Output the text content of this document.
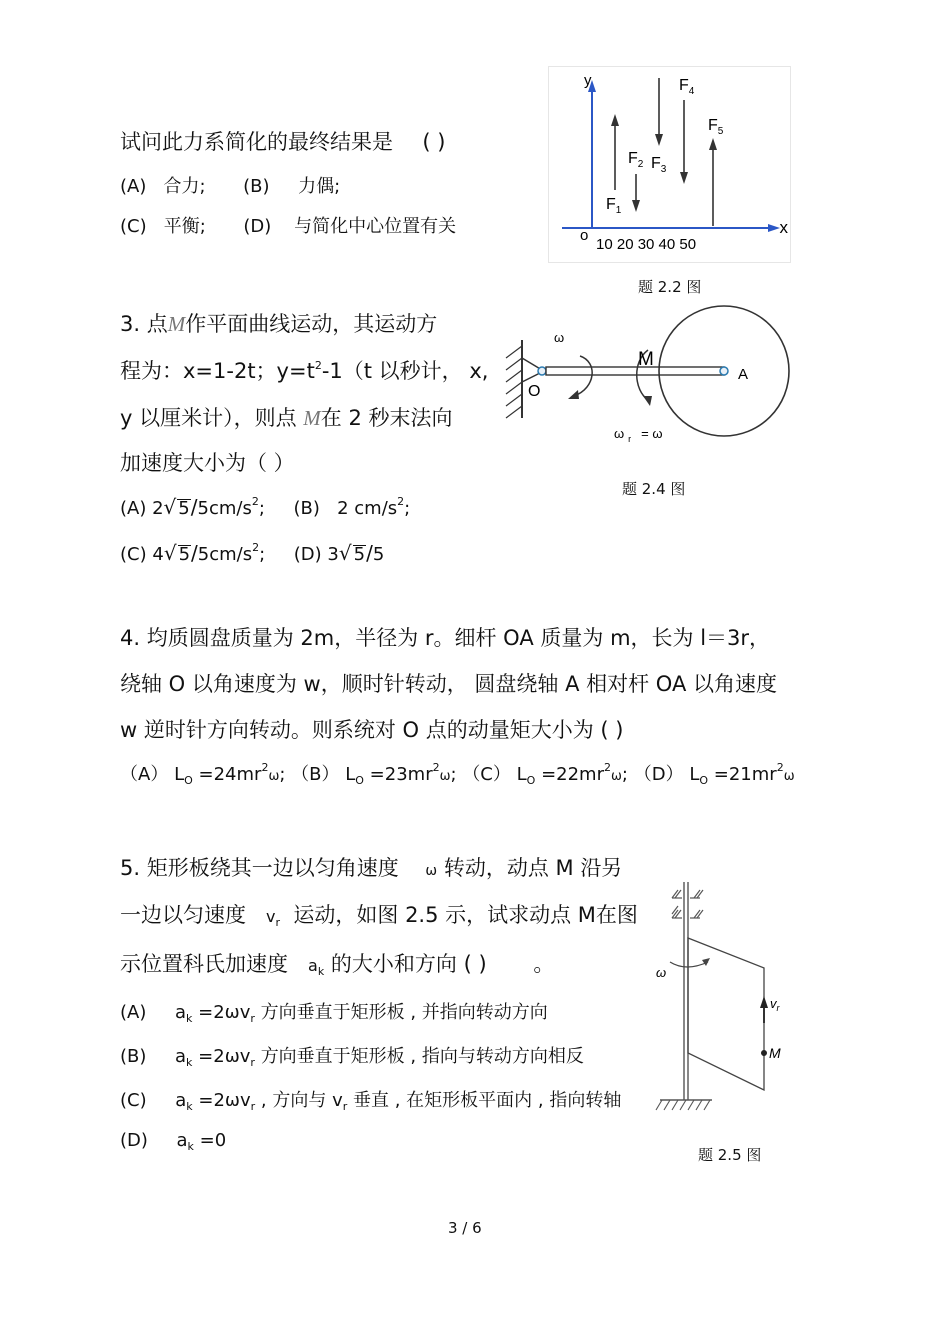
试问此力系简化的最终结果是 ( )
(A) 合力; (B) 力偶;
(C) 平衡; (D) 与简化中心位置有关
y
x
o
10 20 30 40 50
$F_1$
$F_2$ $F_3$
$F_4$
$F_5$
题 2.2 图
3. 点M作平面曲线运动，其运动方
程为：x=1-2t；$y=t^2-1(t$ 以秒计， x,
y 以厘米计），则点 M在 2 秒末法向
加速度大小为（ ）
(A) 2√ $5/5cm/s^2$; (B) 2 $cm/s^2$;
(C) 4√ $5/5cm/s^2$; (D) 3√ 5/5
ω
M
O
A
ω $_r$ = ω
题 2.4 图
4. 均质圆盘质量为 2m，半径为 r。细杆 OA 质量为 m，长为 l＝3r，
绕轴 O 以角速度为 w，顺时针转动， 圆盘绕轴 A 相对杆 OA 以角速度
w 逆时针方向转动。则系统对 O 点的动量矩大小为 ( )
（A） $L_O =24mr^2\omega$; （B） $L_O =23mr^2\omega$; （C） $L_O =22mr^2\omega$; （D） $L_O =21mr^2\omega$
5. 矩形板绕其一边以匀角速度 ω 转动，动点 M 沿另
一边以匀速度 $v_r$ 运动，如图 2.5 示，试求动点 M在图
示位置科氏加速度 $a_k$ 的大小和方向 ( ) 。
(A) $a_k =2\omega v_r$ 方向垂直于矩形板 , 并指向转动方向
(B) $a_k =2\omega v_r$ 方向垂直于矩形板 , 指向与转动方向相反
(C) $a_k =2\omega v_r$ , 方向与 $v_r$ 垂直 , 在矩形板平面内 , 指向转轴
(D) $a_k =0$
ω
$v_r$
M
题 2.5 图
3 / 6
